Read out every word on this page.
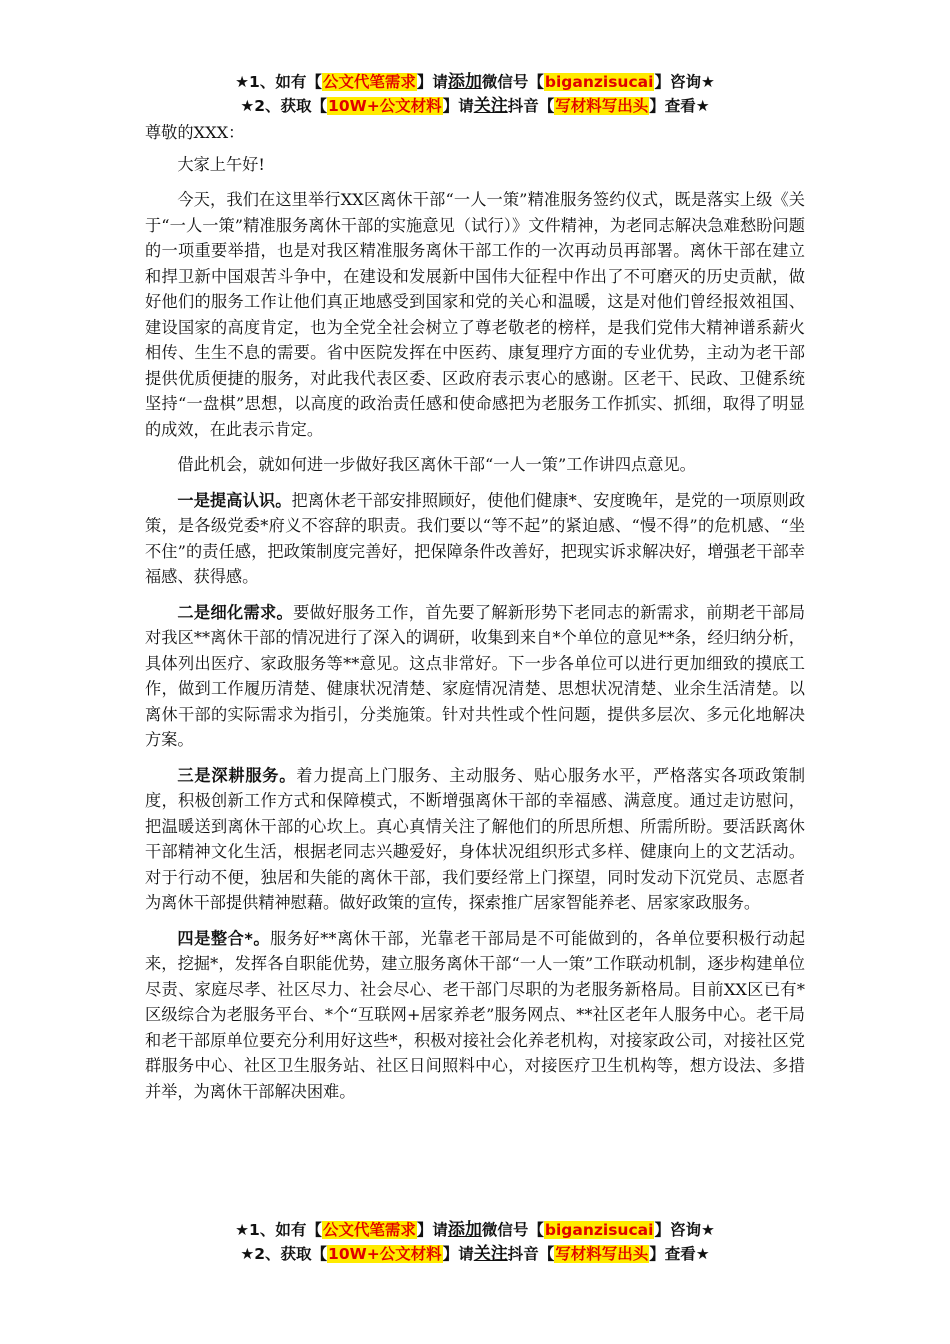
★1、如有【公文代笔需求】请添加微信号【biganzisucai】咨询★
★2、获取【10W+公文材料】请关注抖音【写材料写出头】查看★

尊敬的XXX：

大家上午好!

今天，我们在这里举行XX区离休干部“一人一策”精准服务签约仪式，既是落实上级《关于“一人一策”精准服务离休干部的实施意见（试行）》文件精神，为老同志解决急难愁盼问题的一项重要举措，也是对我区精准服务离休干部工作的一次再动员再部署。离休干部在建立和捍卫新中国艰苦斗争中，在建设和发展新中国伟大征程中作出了不可磨灭的历史贡献，做好他们的服务工作让他们真正地感受到国家和党的关心和温暖，这是对他们曾经报效祖国、建设国家的高度肯定，也为全党全社会树立了尊老敬老的榜样，是我们党伟大精神谱系薪火相传、生生不息的需要。省中医院发挥在中医药、康复理疗方面的专业优势，主动为老干部提供优质便捷的服务，对此我代表区委、区政府表示衷心的感谢。区老干、民政、卫健系统坚持“一盘棋”思想，以高度的政治责任感和使命感把为老服务工作抓实、抓细，取得了明显的成效，在此表示肯定。

借此机会，就如何进一步做好我区离休干部“一人一策”工作讲四点意见。

一是提高认识。把离休老干部安排照顾好，使他们健康*、安度晚年，是党的一项原则政策，是各级党委*府义不容辞的职责。我们要以“等不起”的紧迫感、“慢不得”的危机感、“坐不住”的责任感，把政策制度完善好，把保障条件改善好，把现实诉求解决好，增强老干部幸福感、获得感。

二是细化需求。要做好服务工作，首先要了解新形势下老同志的新需求，前期老干部局对我区**离休干部的情况进行了深入的调研，收集到来自*个单位的意见**条，经归纳分析，具体列出医疗、家政服务等**意见。这点非常好。下一步各单位可以进行更加细致的摸底工作，做到工作履历清楚、健康状况清楚、家庭情况清楚、思想状况清楚、业余生活清楚。以离休干部的实际需求为指引，分类施策。针对共性或个性问题，提供多层次、多元化地解决方案。

三是深耕服务。着力提高上门服务、主动服务、贴心服务水平，严格落实各项政策制度，积极创新工作方式和保障模式，不断增强离休干部的幸福感、满意度。通过走访慰问，把温暖送到离休干部的心坎上。真心真情关注了解他们的所思所想、所需所盼。要活跃离休干部精神文化生活，根据老同志兴趣爱好，身体状况组织形式多样、健康向上的文艺活动。对于行动不便，独居和失能的离休干部，我们要经常上门探望，同时发动下沉党员、志愿者为离休干部提供精神慰藉。做好政策的宣传，探索推广居家智能养老、居家家政服务。

四是整合*。服务好**离休干部，光靠老干部局是不可能做到的，各单位要积极行动起来，挖掘*，发挥各自职能优势，建立服务离休干部“一人一策”工作联动机制，逐步构建单位尽责、家庭尽孝、社区尽力、社会尽心、老干部门尽职的为老服务新格局。目前XX区已有*区级综合为老服务平台、*个“互联网+居家养老”服务网点、**社区老年人服务中心。老干局和老干部原单位要充分利用好这些*，积极对接社会化养老机构，对接家政公司，对接社区党群服务中心、社区卫生服务站、社区日间照料中心，对接医疗卫生机构等，想方设法、多措并举，为离休干部解决困难。

★1、如有【公文代笔需求】请添加微信号【biganzisucai】咨询★
★2、获取【10W+公文材料】请关注抖音【写材料写出头】查看★
